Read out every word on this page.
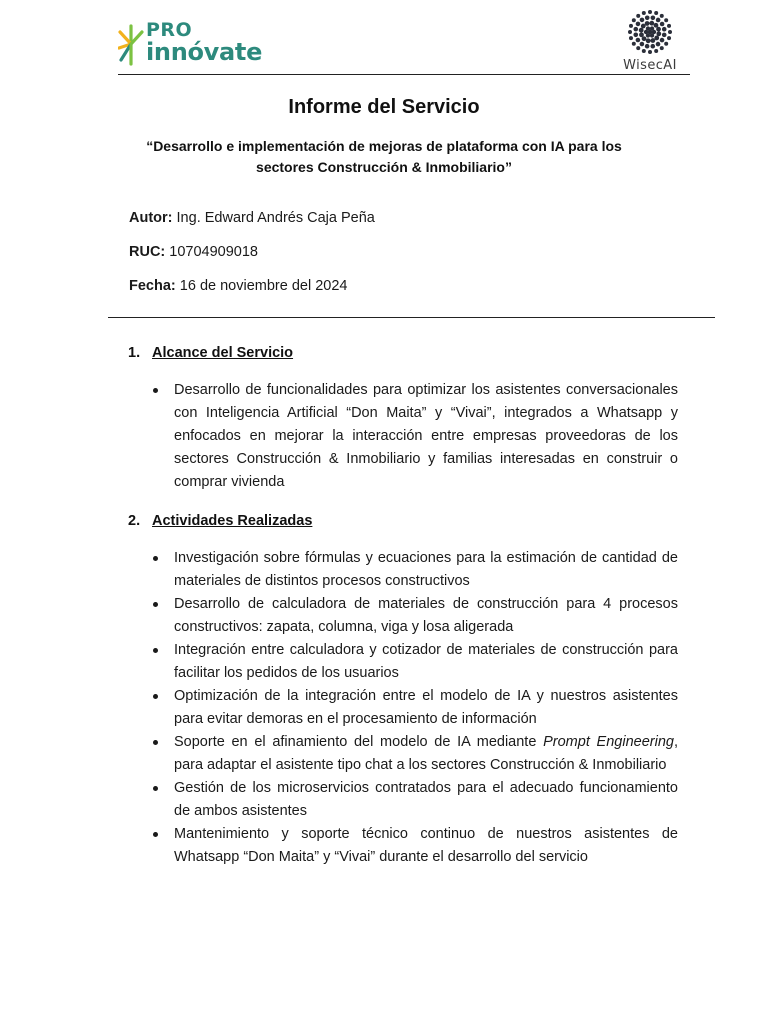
PRO
innóvate	WisecAI
Informe del Servicio
“Desarrollo e implementación de mejoras de plataforma con IA para los sectores Construcción & Inmobiliario”
Autor: Ing. Edward Andrés Caja Peña
RUC: 10704909018
Fecha: 16 de noviembre del 2024
1. Alcance del Servicio
Desarrollo de funcionalidades para optimizar los asistentes conversacionales con Inteligencia Artificial “Don Maita” y “Vivai”, integrados a Whatsapp y enfocados en mejorar la interacción entre empresas proveedoras de los sectores Construcción & Inmobiliario y familias interesadas en construir o comprar vivienda
2. Actividades Realizadas
Investigación sobre fórmulas y ecuaciones para la estimación de cantidad de materiales de distintos procesos constructivos
Desarrollo de calculadora de materiales de construcción para 4 procesos constructivos: zapata, columna, viga y losa aligerada
Integración entre calculadora y cotizador de materiales de construcción para facilitar los pedidos de los usuarios
Optimización de la integración entre el modelo de IA y nuestros asistentes para evitar demoras en el procesamiento de información
Soporte en el afinamiento del modelo de IA mediante Prompt Engineering, para adaptar el asistente tipo chat a los sectores Construcción & Inmobiliario
Gestión de los microservicios contratados para el adecuado funcionamiento de ambos asistentes
Mantenimiento y soporte técnico continuo de nuestros asistentes de Whatsapp “Don Maita” y “Vivai” durante el desarrollo del servicio
